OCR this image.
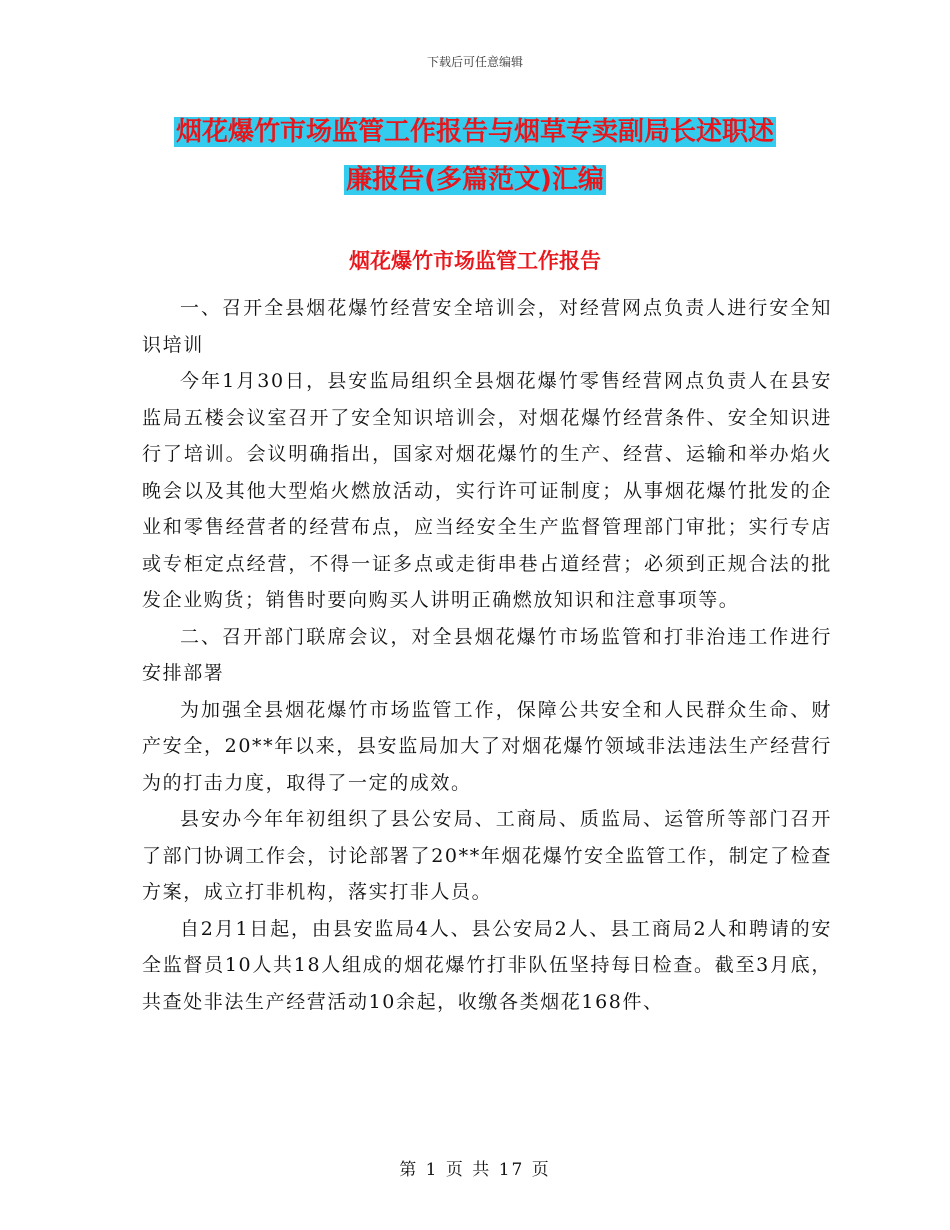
下载后可任意编辑
烟花爆竹市场监管工作报告与烟草专卖副局长述职述
廉报告(多篇范文)汇编
烟花爆竹市场监管工作报告

一、召开全县烟花爆竹经营安全培训会，对经营网点负责人进行安全知识培训

今年1月30日，县安监局组织全县烟花爆竹零售经营网点负责人在县安监局五楼会议室召开了安全知识培训会，对烟花爆竹经营条件、安全知识进行了培训。会议明确指出，国家对烟花爆竹的生产、经营、运输和举办焰火晚会以及其他大型焰火燃放活动，实行许可证制度；从事烟花爆竹批发的企业和零售经营者的经营布点，应当经安全生产监督管理部门审批；实行专店或专柜定点经营，不得一证多点或走街串巷占道经营；必须到正规合法的批发企业购货；销售时要向购买人讲明正确燃放知识和注意事项等。

二、召开部门联席会议，对全县烟花爆竹市场监管和打非治违工作进行安排部署

为加强全县烟花爆竹市场监管工作，保障公共安全和人民群众生命、财产安全，20**年以来，县安监局加大了对烟花爆竹领域非法违法生产经营行为的打击力度，取得了一定的成效。

县安办今年年初组织了县公安局、工商局、质监局、运管所等部门召开了部门协调工作会，讨论部署了20**年烟花爆竹安全监管工作，制定了检查方案，成立打非机构，落实打非人员。

自2月1日起，由县安监局4人、县公安局2人、县工商局2人和聘请的安全监督员10人共18人组成的烟花爆竹打非队伍坚持每日检查。截至3月底，共查处非法生产经营活动10余起，收缴各类烟花168件、

第 1 页 共 17 页
